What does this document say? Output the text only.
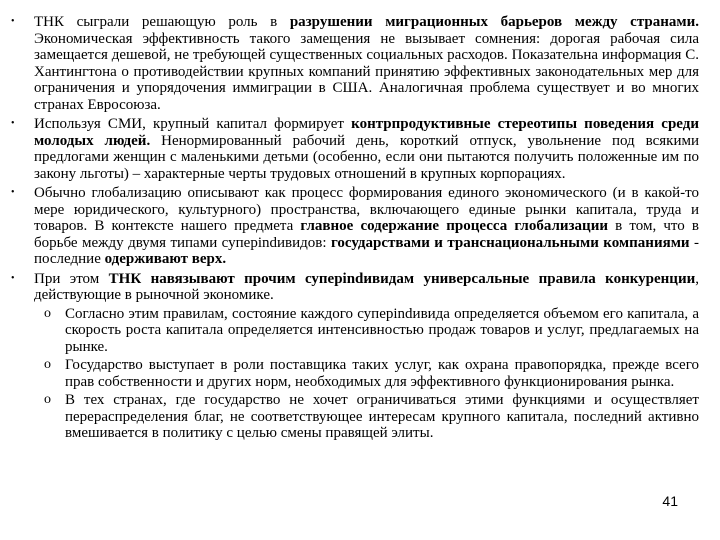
•	ТНК сыграли решающую роль в разрушении миграционных барьеров между странами. Экономическая эффективность такого замещения не вызывает сомнения: дорогая рабочая сила замещается дешевой, не требующей существенных социальных расходов. Показательна информация С. Хантингтона о противодействии крупных компаний принятию эффективных законодательных мер для ограничения и упорядочения иммиграции в США. Аналогичная проблема существует и во многих странах Евросоюза.
•	Используя СМИ, крупный капитал формирует контрпродуктивные стереотипы поведения среди молодых людей. Ненормированный рабочий день, короткий отпуск, увольнение под всякими предлогами женщин с маленькими детьми (особенно, если они пытаются получить положенные им по закону льготы) – характерные черты трудовых отношений в крупных корпорациях.
•	Обычно глобализацию описывают как процесс формирования единого экономического (и в какой-то мере юридического, культурного) пространства, включающего единые рынки капитала, труда и товаров. В контексте нашего предмета главное содержание процесса глобализации в том, что в борьбе между двумя типами суперindивидов: государствами и транснациональными компаниями - последние одерживают верх.
•	При этом ТНК навязывают прочим суперindивидам универсальные правила конкуренции, действующие в рыночной экономике.
o Согласно этим правилам, состояние каждого суперindивида определяется объемом его капитала, а скорость роста капитала определяется интенсивностью продаж товаров и услуг, предлагаемых на рынке.
o Государство выступает в роли поставщика таких услуг, как охрана правопорядка, прежде всего прав собственности и других норм, необходимых для эффективного функционирования рынка.
o В тех странах, где государство не хочет ограничиваться этими функциями и осуществляет перераспределения благ, не соответствующее интересам крупного капитала, последний активно вмешивается в политику с целью смены правящей элиты.
41
